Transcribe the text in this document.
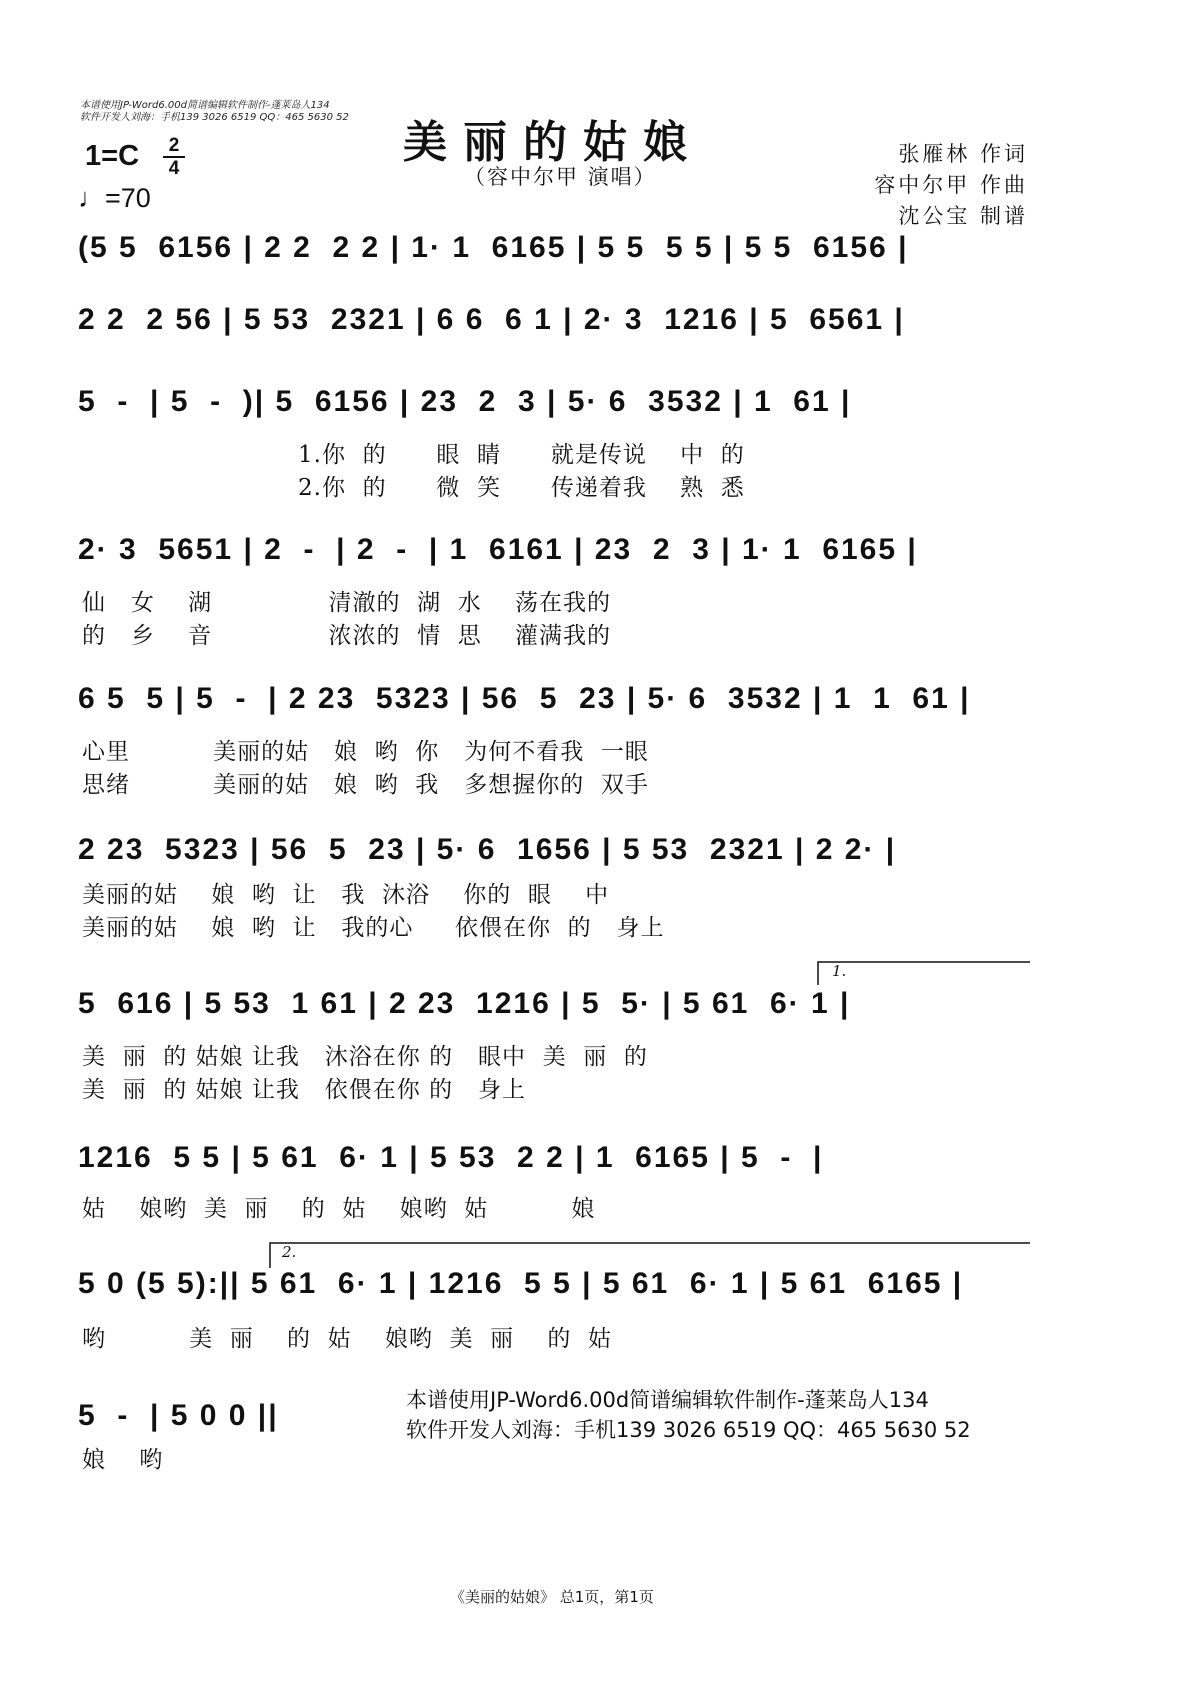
本谱使用JP-Word6.00d简谱编辑软件制作-蓬莱岛人134
软件开发人刘海：手机139 3026 6519 QQ：465 5630 52 美丽的姑娘
（容中尔甲 演唱）
张雁林 作词
容中尔甲 作曲
沈公宝 制谱
1=C	2
4
♩=70
(5 5  6156 | 2 2  2 2 | 1· 1  6165 | 5 5  5 5 | 5 5  6156 |
2 2  2 56 | 5 53  2321 | 6 6  6 1 | 2· 3  1216 | 5  6561 |
5  -  | 5  -  )| 5  6156 | 23  2  3 | 5· 6  3532 | 1  61 |
1.你  的      眼  睛      就是传说    中  的
2.你  的      微  笑      传递着我    熟  悉
2· 3  5651 | 2  -  | 2  -  | 1  6161 | 23  2  3 | 1· 1  6165 |
仙   女    湖              清澈的  湖  水    荡在我的
的   乡    音              浓浓的  情  思    灌满我的
6 5  5 | 5  -  | 2 23  5323 | 56  5  23 | 5· 6  3532 | 1  1  61 |
心里          美丽的姑   娘  哟  你   为何不看我  一眼
思绪          美丽的姑   娘  哟  我   多想握你的  双手
2 23  5323 | 56  5  23 | 5· 6  1656 | 5 53  2321 | 2 2· |
美丽的姑    娘  哟  让   我  沐浴    你的  眼    中
美丽的姑    娘  哟  让   我的心     依偎在你  的   身上
1.
5  616 | 5 53  1 61 | 2 23  1216 | 5  5· | 5 61  6· 1 |
美  丽  的 姑娘 让我   沐浴在你 的   眼中  美  丽  的
美  丽  的 姑娘 让我   依偎在你 的   身上
1216  5 5 | 5 61  6· 1 | 5 53  2 2 | 1  6165 | 5  -  |
姑    娘哟  美  丽    的  姑    娘哟  姑          娘
2.
5 0 (5 5):|| 5 61  6· 1 | 1216  5 5 | 5 61  6· 1 | 5 61  6165 |
哟          美  丽    的  姑    娘哟  美  丽    的  姑
5  -  | 5 0 0 ||
娘    哟
本谱使用JP-Word6.00d简谱编辑软件制作-蓬莱岛人134
软件开发人刘海：手机139 3026 6519 QQ：465 5630 52
《美丽的姑娘》 总1页，第1页
